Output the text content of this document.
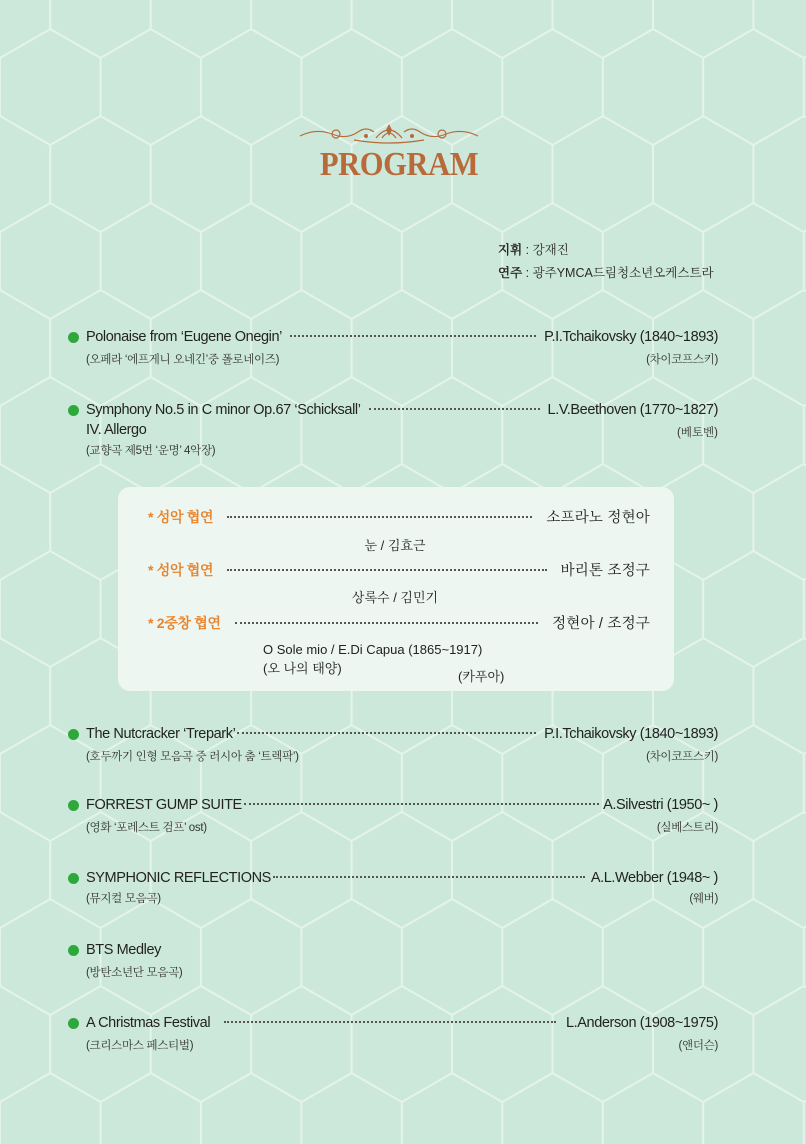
PROGRAM
지휘 : 강재진
연주 : 광주YMCA드림청소년오케스트라
Polonaise from ‘Eugene Onegin’	P.I.Tchaikovsky (1840~1893)
(오페라 ‘에프게니 오네긴’중 폴로네이즈)	(차이코프스키)
Symphony No.5 in C minor Op.67 ‘Schicksall’	L.V.Beethoven (1770~1827)
IV. Allergo	(베토벤)
(교향곡 제5번 ‘운명’ 4악장)
* 성악 협연	소프라노 정현아
눈 / 김효근
* 성악 협연	바리톤 조정구
상록수 / 김민기
* 2중창 협연	정현아 / 조정구
O Sole mio / E.Di Capua (1865~1917)
(오 나의 태양)
(카푸아)
The Nutcracker ‘Trepark’	P.I.Tchaikovsky (1840~1893)
(호두까기 인형 모음곡 중 러시아 춤 ‘트렉팍’)	(차이코프스키)
FORREST GUMP SUITE	A.Silvestri (1950~ )
(영화 ‘포레스트 검프’ ost)	(실베스트리)
SYMPHONIC REFLECTIONS	A.L.Webber (1948~ )
(뮤지컬 모음곡)	(웨버)
BTS Medley
(방탄소년단 모음곡)
A Christmas Festival	L.Anderson (1908~1975)
(크리스마스 페스티벌)	(앤더슨)
